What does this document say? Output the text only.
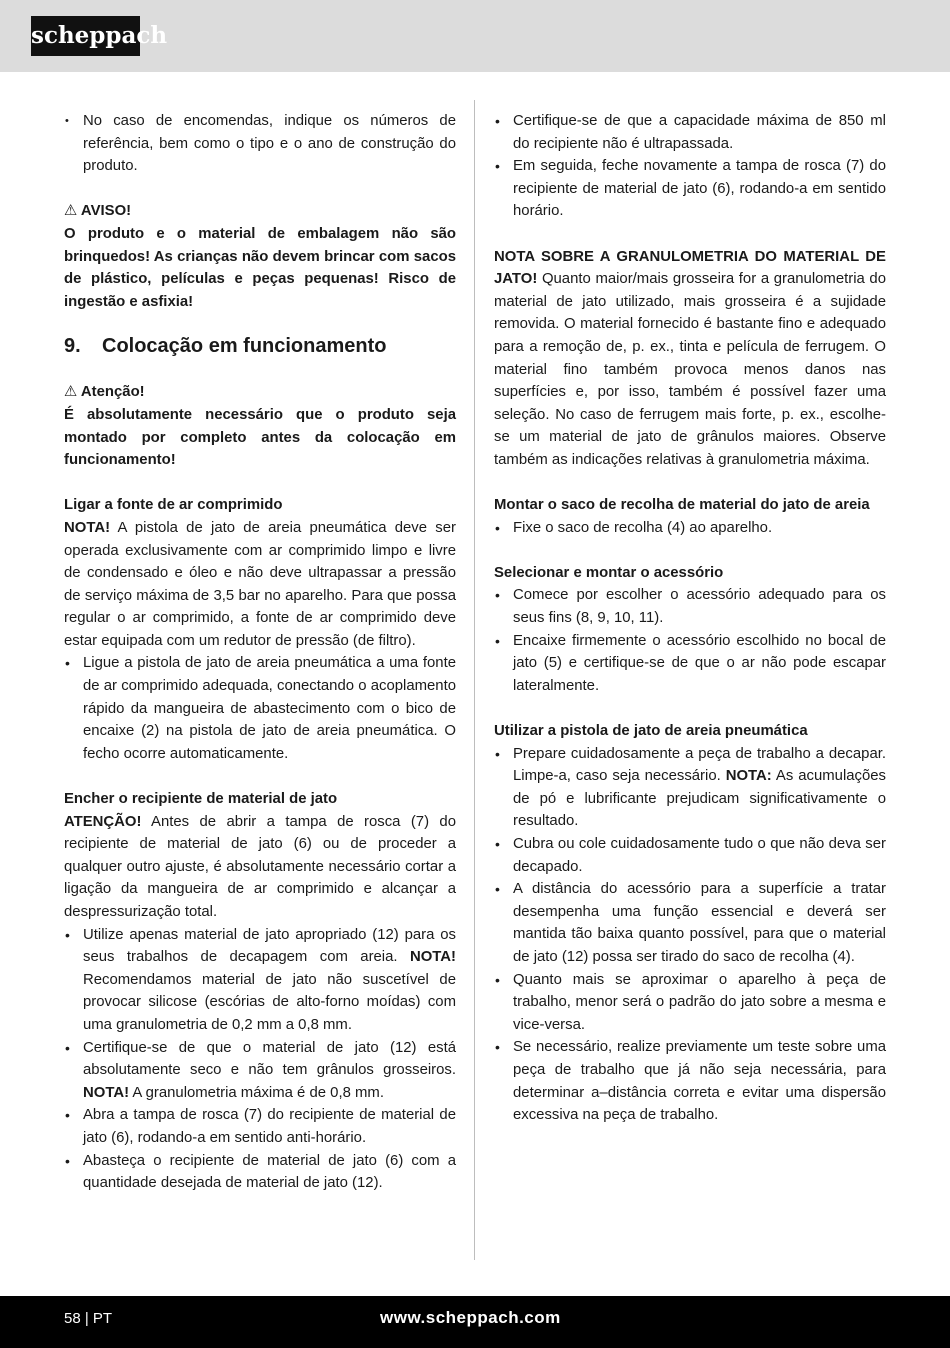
scheppach
• No caso de encomendas, indique os números de referência, bem como o tipo e o ano de construção do produto.

⚠ AVISO!

O produto e o material de embalagem não são brinquedos! As crianças não devem brincar com sacos de plástico, películas e peças pequenas! Risco de ingestão e asfixia!

9. Colocação em funcionamento

⚠ Atenção!

É absolutamente necessário que o produto seja montado por completo antes da colocação em funcionamento!

Ligar a fonte de ar comprimido

NOTA! A pistola de jato de areia pneumática deve ser operada exclusivamente com ar comprimido limpo e livre de condensado e óleo e não deve ultrapassar a pressão de serviço máxima de 3,5 bar no aparelho. Para que possa regular o ar comprimido, a fonte de ar comprimido deve estar equipada com um redutor de pressão (de filtro).

• Ligue a pistola de jato de areia pneumática a uma fonte de ar comprimido adequada, conectando o acoplamento rápido da mangueira de abastecimento com o bico de encaixe (2) na pistola de jato de areia pneumática. O fecho ocorre automaticamente.

Encher o recipiente de material de jato

ATENÇÃO! Antes de abrir a tampa de rosca (7) do recipiente de material de jato (6) ou de proceder a qualquer outro ajuste, é absolutamente necessário cortar a ligação da mangueira de ar comprimido e alcançar a despressurização total.

• Utilize apenas material de jato apropriado (12) para os seus trabalhos de decapagem com areia. NOTA! Recomendamos material de jato não suscetível de provocar silicose (escórias de alto-forno moídas) com uma granulometria de 0,2 mm a 0,8 mm.
• Certifique-se de que o material de jato (12) está absolutamente seco e não tem grânulos grosseiros. NOTA! A granulometria máxima é de 0,8 mm.
• Abra a tampa de rosca (7) do recipiente de material de jato (6), rodando-a em sentido anti-horário.
• Abasteça o recipiente de material de jato (6) com a quantidade desejada de material de jato (12).
• Certifique-se de que a capacidade máxima de 850 ml do recipiente não é ultrapassada.
• Em seguida, feche novamente a tampa de rosca (7) do recipiente de material de jato (6), rodando-a em sentido horário.

NOTA SOBRE A GRANULOMETRIA DO MATERIAL DE JATO! Quanto maior/mais grosseira for a granulometria do material de jato utilizado, mais grosseira é a sujidade removida. O material fornecido é bastante fino e adequado para a remoção de, p. ex., tinta e película de ferrugem. O material fino também provoca menos danos nas superfícies e, por isso, também é possível fazer uma seleção. No caso de ferrugem mais forte, p. ex., escolhe-se um material de jato de grânulos maiores. Observe também as indicações relativas à granulometria máxima.

Montar o saco de recolha de material do jato de areia

• Fixe o saco de recolha (4) ao aparelho.

Selecionar e montar o acessório

• Comece por escolher o acessório adequado para os seus fins (8, 9, 10, 11).
• Encaixe firmemente o acessório escolhido no bocal de jato (5) e certifique-se de que o ar não pode escapar lateralmente.

Utilizar a pistola de jato de areia pneumática

• Prepare cuidadosamente a peça de trabalho a decapar. Limpe-a, caso seja necessário. NOTA: As acumulações de pó e lubrificante prejudicam significativamente o resultado.
• Cubra ou cole cuidadosamente tudo o que não deva ser decapado.
• A distância do acessório para a superfície a tratar desempenha uma função essencial e deverá ser mantida tão baixa quanto possível, para que o material de jato (12) possa ser tirado do saco de recolha (4).
• Quanto mais se aproximar o aparelho à peça de trabalho, menor será o padrão do jato sobre a mesma e vice-versa.
• Se necessário, realize previamente um teste sobre uma peça de trabalho que já não seja necessária, para determinar a–distância correta e evitar uma dispersão excessiva na peça de trabalho.
58 | PT	www.scheppach.com
